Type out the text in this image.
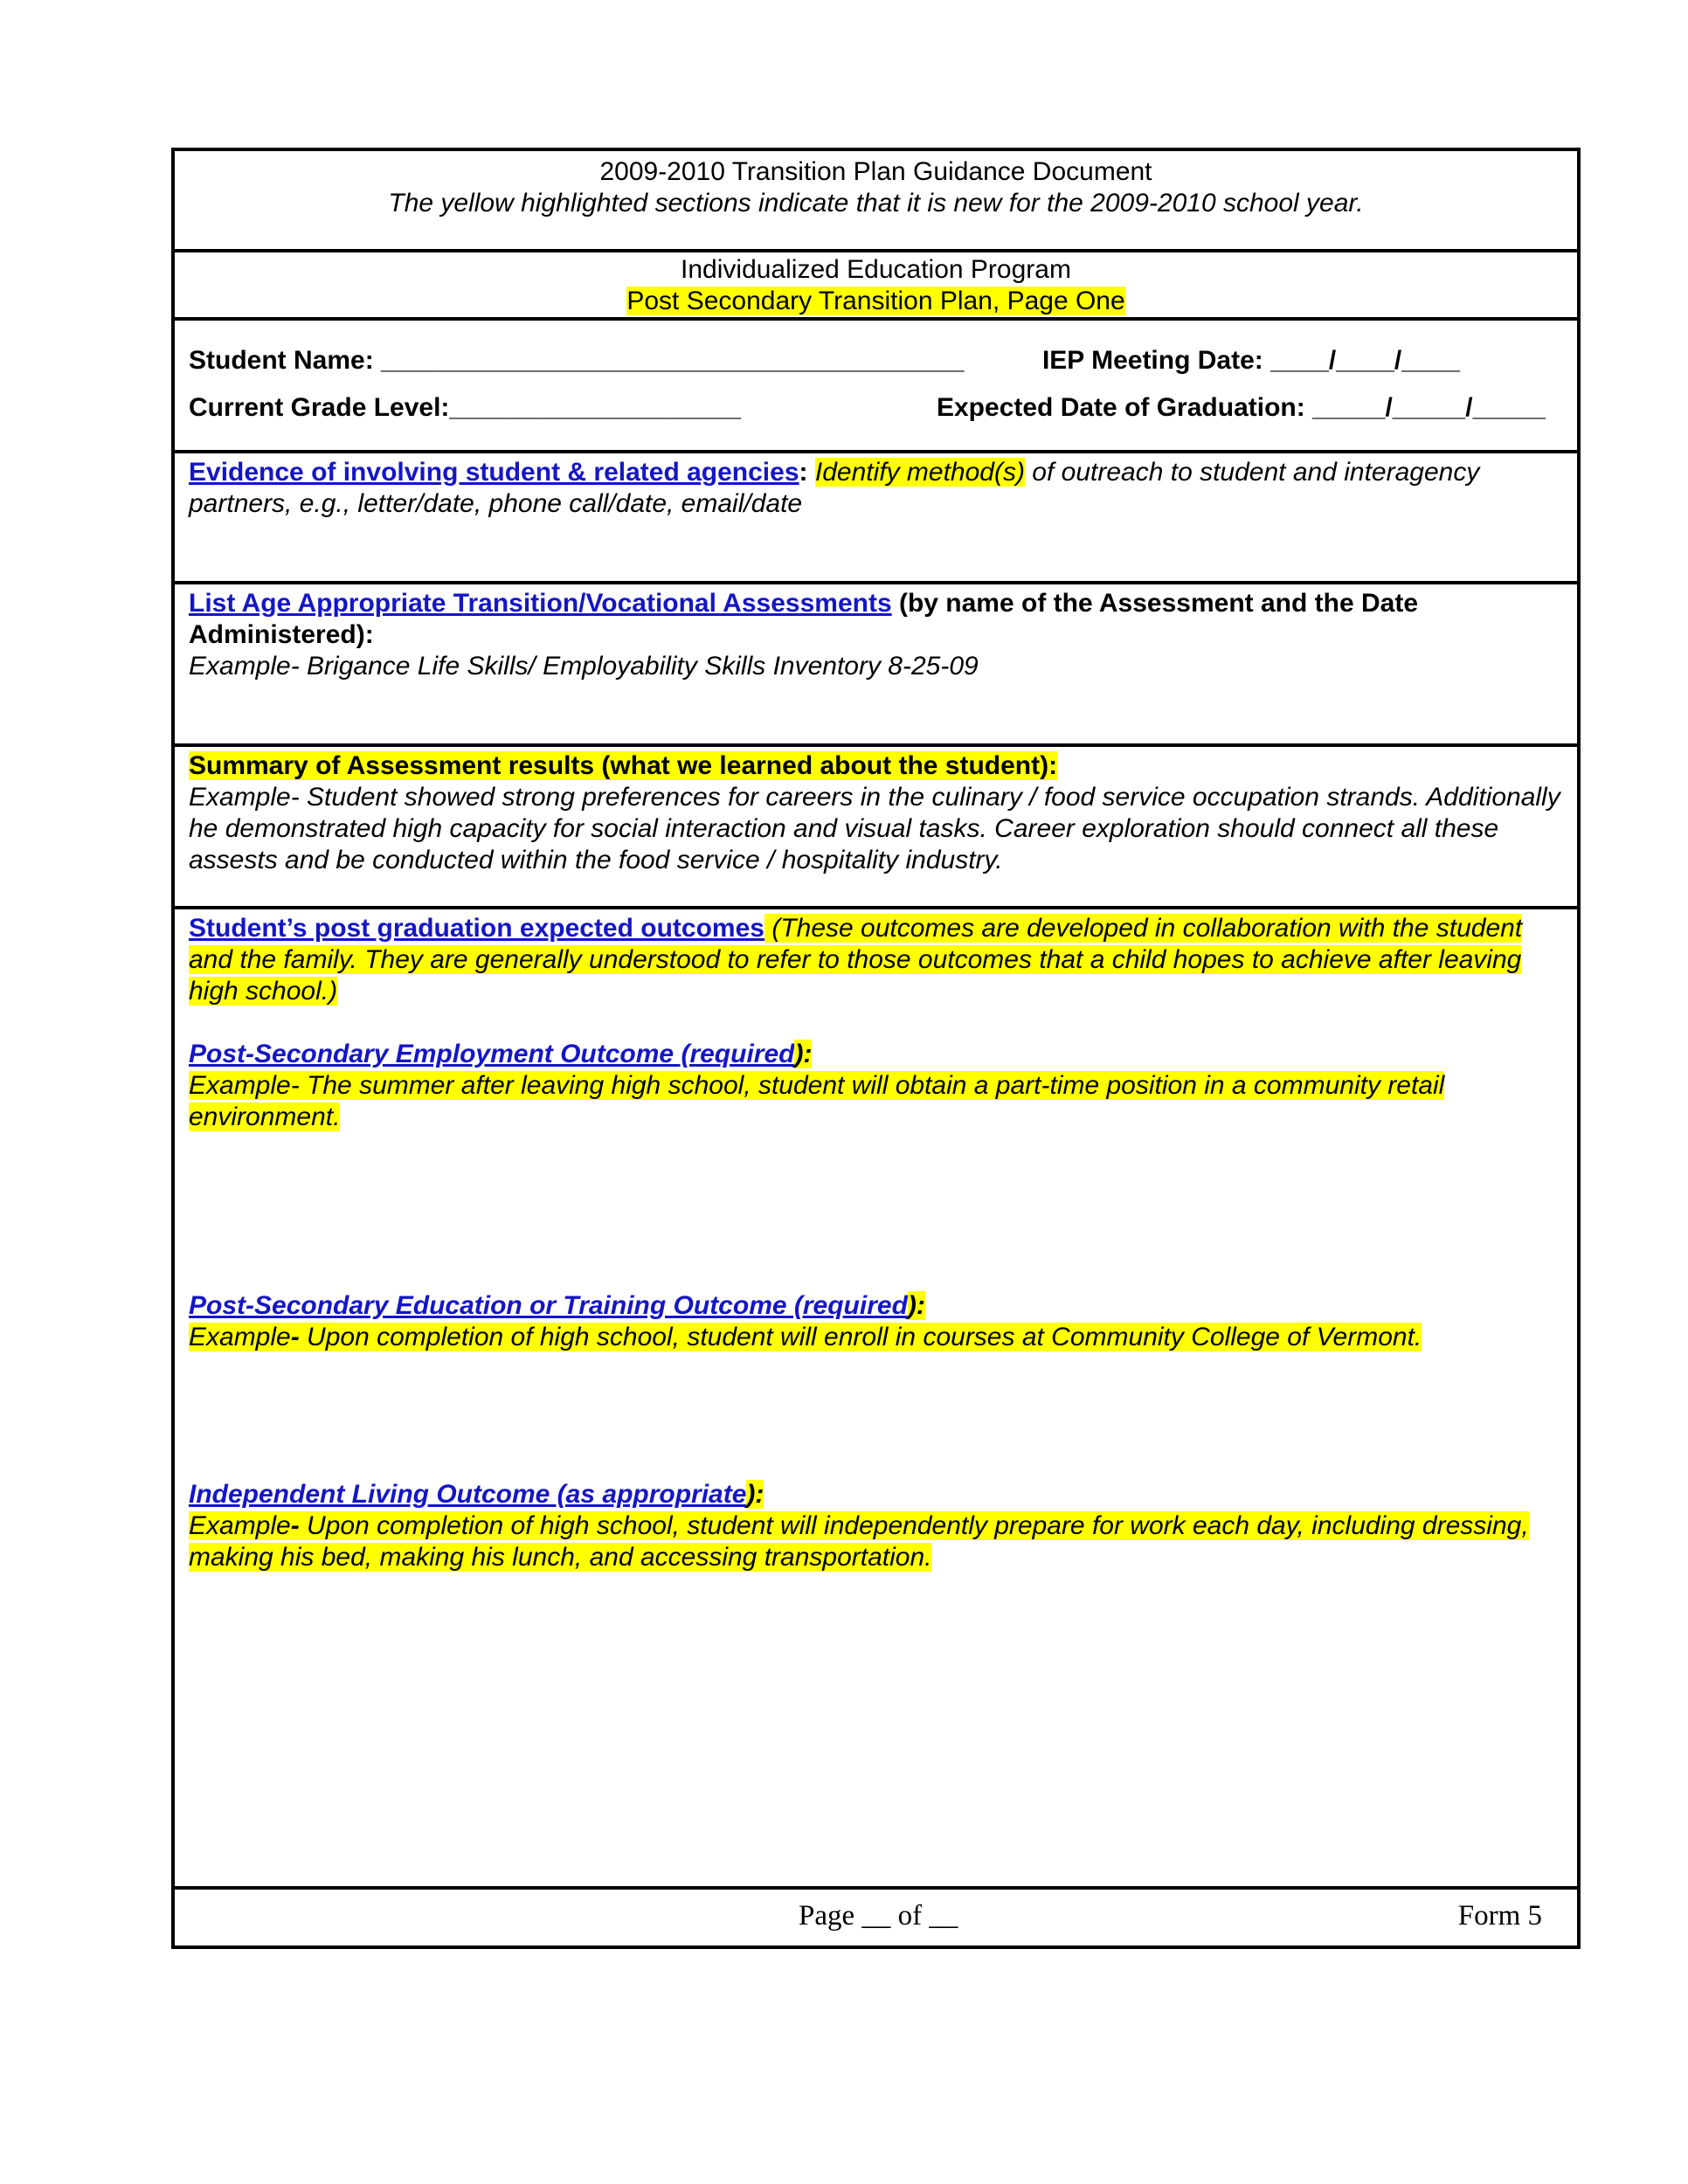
2009-2010 Transition Plan Guidance Document

The yellow highlighted sections indicate that it is new for the 2009-2010 school year.

Individualized Education Program

Post Secondary Transition Plan, Page One

Student Name: ________________________________________	IEP Meeting Date: ____/____/____
Current Grade Level:____________________	Expected Date of Graduation: _____/_____/_____

Evidence of involving student & related agencies: Identify method(s) of outreach to student and interagency partners, e.g., letter/date, phone call/date, email/date

List Age Appropriate Transition/Vocational Assessments (by name of the Assessment and the Date Administered):

Example- Brigance Life Skills/ Employability Skills Inventory 8-25-09

Summary of Assessment results (what we learned about the student):

Example- Student showed strong preferences for careers in the culinary / food service occupation strands. Additionally he demonstrated high capacity for social interaction and visual tasks. Career exploration should connect all these assests and be conducted within the food service / hospitality industry.

Student’s post graduation expected outcomes (These outcomes are developed in collaboration with the student and the family. They are generally understood to refer to those outcomes that a child hopes to achieve after leaving high school.)

Post-Secondary Employment Outcome (required):

Example- The summer after leaving high school, student will obtain a part-time position in a community retail environment.

Post-Secondary Education or Training Outcome (required):

Example- Upon completion of high school, student will enroll in courses at Community College of Vermont.

Independent Living Outcome (as appropriate):

Example- Upon completion of high school, student will independently prepare for work each day, including dressing, making his bed, making his lunch, and accessing transportation.

Page __ of __	Form 5
